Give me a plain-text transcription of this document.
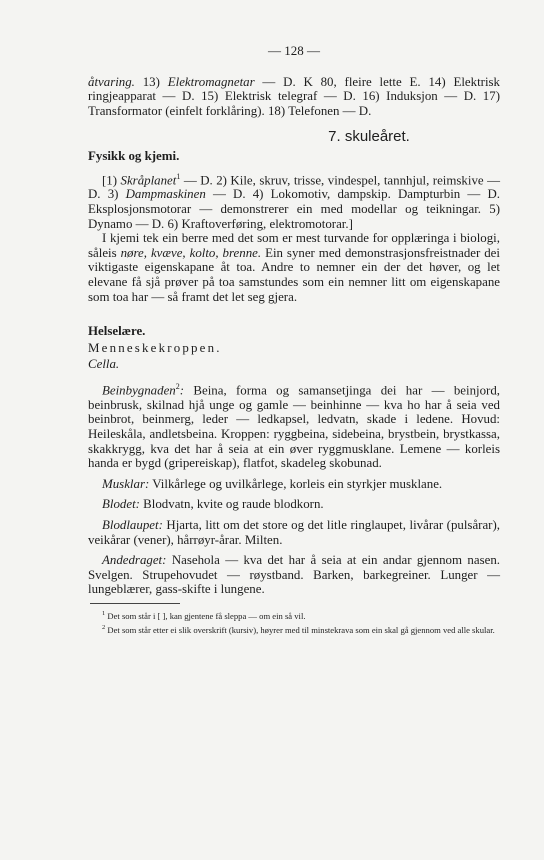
— 128 —

åtvaring. 13) Elektromagnetar — D. K 80, fleire lette E. 14) Elektrisk ringjeapparat — D. 15) Elektrisk telegraf — D. 16) Induksjon — D. 17) Transformator (einfelt forklåring). 18) Telefonen — D.

7. skuleåret.
Fysikk og kjemi.

[1) Skråplanet$^1$ — D. 2) Kile, skruv, trisse, vindespel, tannhjul, reimskive — D. 3) Dampmaskinen — D. 4) Lokomotiv, dampskip. Dampturbin — D. Eksplosjonsmotorar — demonstrerer ein med modellar og teikningar. 5) Dynamo — D. 6) Kraftoverføring, elektromotorar.]

I kjemi tek ein berre med det som er mest turvande for opplæringa i biologi, såleis nøre, kvæve, kolto, brenne. Ein syner med demonstrasjonsfreistnader dei viktigaste eigenskapane åt toa. Andre to nemner ein der det høver, og let elevane få sjå prøver på toa samstundes som ein nemner litt om eigenskapane som toa har — så framt det let seg gjera.

Helselære.
Menneskekroppen.
Cella.

Beinbygnaden$^2$: Beina, forma og samansetjinga dei har — beinjord, beinbrusk, skilnad hjå unge og gamle — beinhinne — kva ho har å seia ved beinbrot, beinmerg, leder — ledkapsel, ledvatn, skade i ledene. Hovud: Heileskåla, andletsbeina. Kroppen: ryggbeina, sidebeina, brystbein, brystkassa, skakkrygg, kva det har å seia at ein øver ryggmusklane. Lemene — korleis handa er bygd (gripereiskap), flatfot, skadeleg skobunad.

Musklar: Vilkårlege og uvilkårlege, korleis ein styrkjer musklane.

Blodet: Blodvatn, kvite og raude blodkorn.

Blodlaupet: Hjarta, litt om det store og det litle ringlaupet, livårar (pulsårar), veikårar (vener), hårrøyr-årar. Milten.

Andedraget: Nasehola — kva det har å seia at ein andar gjennom nasen. Svelgen. Strupehovudet — røystband. Barken, barkegreiner. Lunger — lungeblærer, gass-skifte i lungene.

$^1$ Det som står i [ ], kan gjentene få sleppa — om ein så vil.

$^2$ Det som står etter ei slik overskrift (kursiv), høyrer med til minstekrava som ein skal gå gjennom ved alle skular.
